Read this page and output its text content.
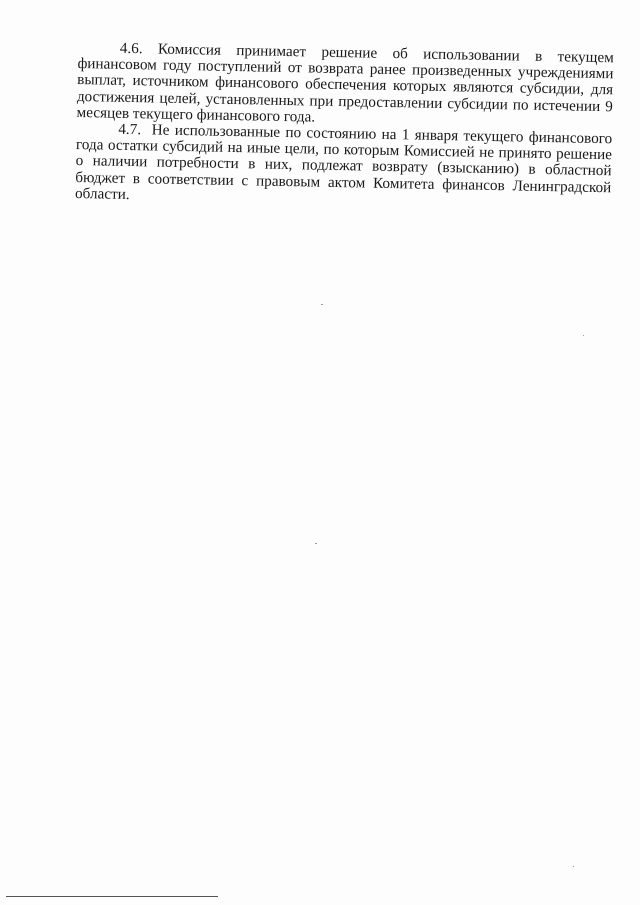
4.6. Комиссия принимает решение об использовании в текущем финансовом году поступлений от возврата ранее произведенных учреждениями выплат, источником финансового обеспечения которых являются субсидии, для достижения целей, установленных при предоставлении субсидии по истечении 9 месяцев текущего финансового года.

4.7. Не использованные по состоянию на 1 января текущего финансового года остатки субсидий на иные цели, по которым Комиссией не принято решение о наличии потребности в них, подлежат возврату (взысканию) в областной бюджет в соответствии с правовым актом Комитета финансов Ленинградской области.
